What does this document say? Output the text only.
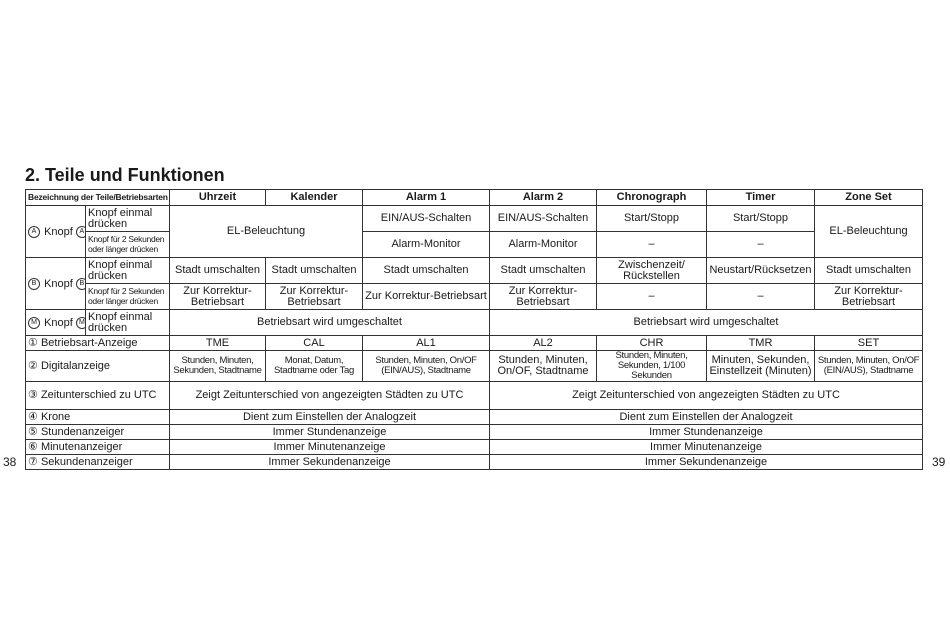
2. Teile und Funktionen
Bezeichnung der Teile/Betriebsarten		Uhrzeit	Kalender	Alarm 1	Alarm 2	Chronograph	Timer	Zone Set
A Knopf A	Knopf einmal drücken	EL-Beleuchtung		EIN/AUS-Schalten	EIN/AUS-Schalten	Start/Stopp	Start/Stopp	EL-Beleuchtung
	Knopf für 2 Sekunden oder länger drücken			Alarm-Monitor	Alarm-Monitor	–	–	
B Knopf B	Knopf einmal drücken	Stadt umschalten	Stadt umschalten	Stadt umschalten	Stadt umschalten	Zwischenzeit/ Rückstellen	Neustart/Rücksetzen	Stadt umschalten
	Knopf für 2 Sekunden oder länger drücken	Zur Korrektur-Betriebsart	Zur Korrektur-Betriebsart	Zur Korrektur-Betriebsart	Zur Korrektur-Betriebsart	–	–	Zur Korrektur-Betriebsart
M Knopf M	Knopf einmal drücken	Betriebsart wird umgeschaltet			Betriebsart wird umgeschaltet			
① Betriebsart-Anzeige		TME	CAL	AL1	AL2	CHR	TMR	SET
② Digitalanzeige		Stunden, Minuten, Sekunden, Stadtname	Monat, Datum, Stadtname oder Tag	Stunden, Minuten, On/OF (EIN/AUS), Stadtname	Stunden, Minuten, On/OF, Stadtname	Stunden, Minuten, Sekunden, 1/100 Sekunden	Minuten, Sekunden, Einstellzeit (Minuten)	Stunden, Minuten, On/OF (EIN/AUS), Stadtname
③ Zeitunterschied zu UTC		Zeigt Zeitunterschied von angezeigten Städten zu UTC			Zeigt Zeitunterschied von angezeigten Städten zu UTC			
④ Krone		Dient zum Einstellen der Analogzeit			Dient zum Einstellen der Analogzeit			
⑤ Stundenanzeiger		Immer Stundenanzeige			Immer Stundenanzeige			
⑥ Minutenanzeiger		Immer Minutenanzeige			Immer Minutenanzeige			
⑦ Sekundenanzeiger		Immer Sekundenanzeige			Immer Sekundenanzeige			
38	39
